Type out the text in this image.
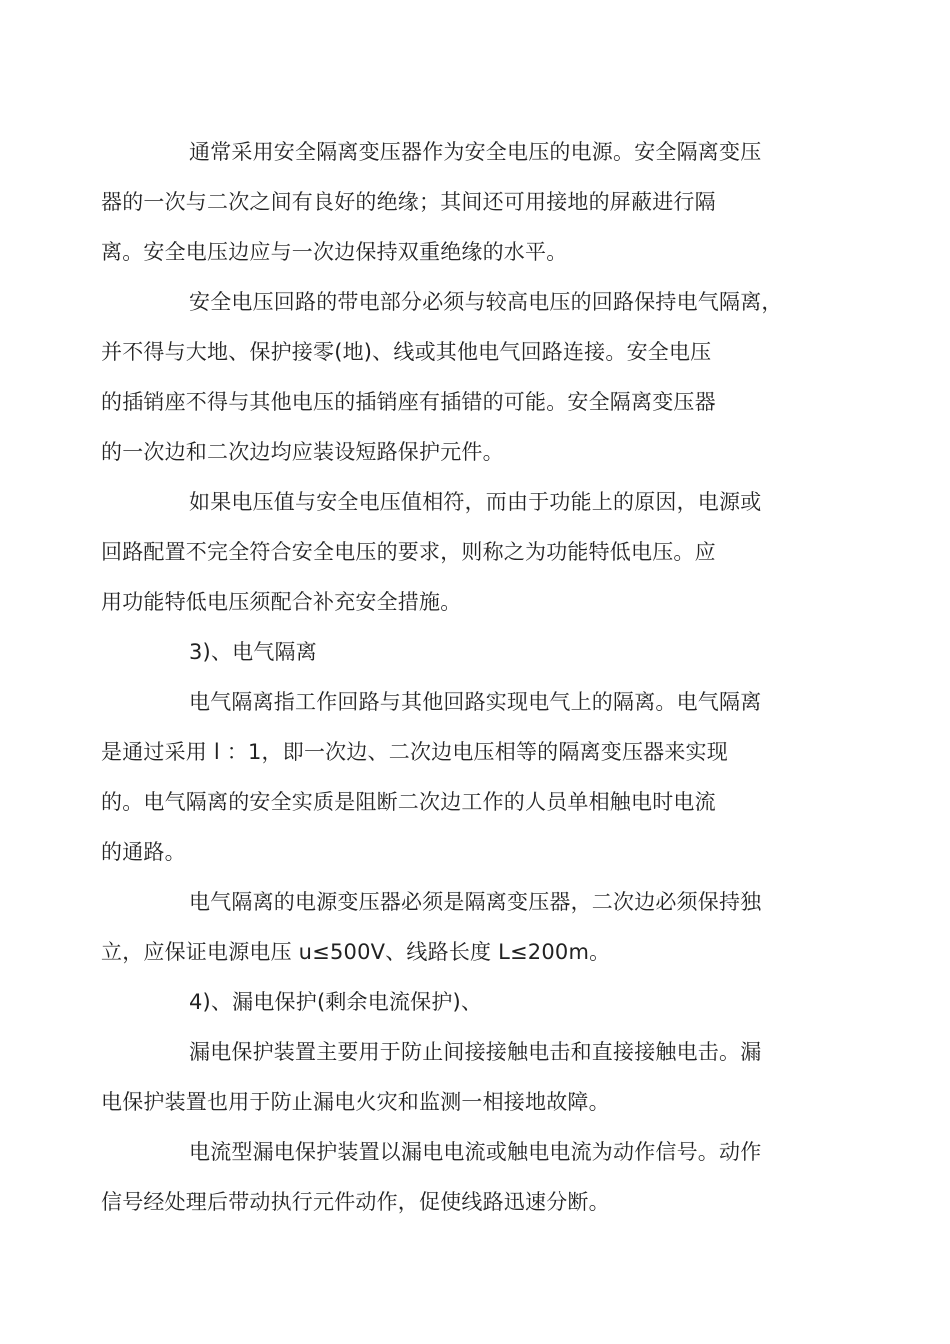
通常采用安全隔离变压器作为安全电压的电源。安全隔离变压
器的一次与二次之间有良好的绝缘；其间还可用接地的屏蔽进行隔
离。安全电压边应与一次边保持双重绝缘的水平。

安全电压回路的带电部分必须与较高电压的回路保持电气隔离，
并不得与大地、保护接零(地)、线或其他电气回路连接。安全电压
的插销座不得与其他电压的插销座有插错的可能。安全隔离变压器
的一次边和二次边均应装设短路保护元件。

如果电压值与安全电压值相符，而由于功能上的原因，电源或
回路配置不完全符合安全电压的要求，则称之为功能特低电压。应
用功能特低电压须配合补充安全措施。

3)、电气隔离

电气隔离指工作回路与其他回路实现电气上的隔离。电气隔离
是通过采用 l ：1，即一次边、二次边电压相等的隔离变压器来实现
的。电气隔离的安全实质是阻断二次边工作的人员单相触电时电流
的通路。

电气隔离的电源变压器必须是隔离变压器，二次边必须保持独
立，应保证电源电压 u≤500V、线路长度 L≤200m。

4)、漏电保护(剩余电流保护)、

漏电保护装置主要用于防止间接接触电击和直接接触电击。漏
电保护装置也用于防止漏电火灾和监测一相接地故障。

电流型漏电保护装置以漏电电流或触电电流为动作信号。动作
信号经处理后带动执行元件动作，促使线路迅速分断。
